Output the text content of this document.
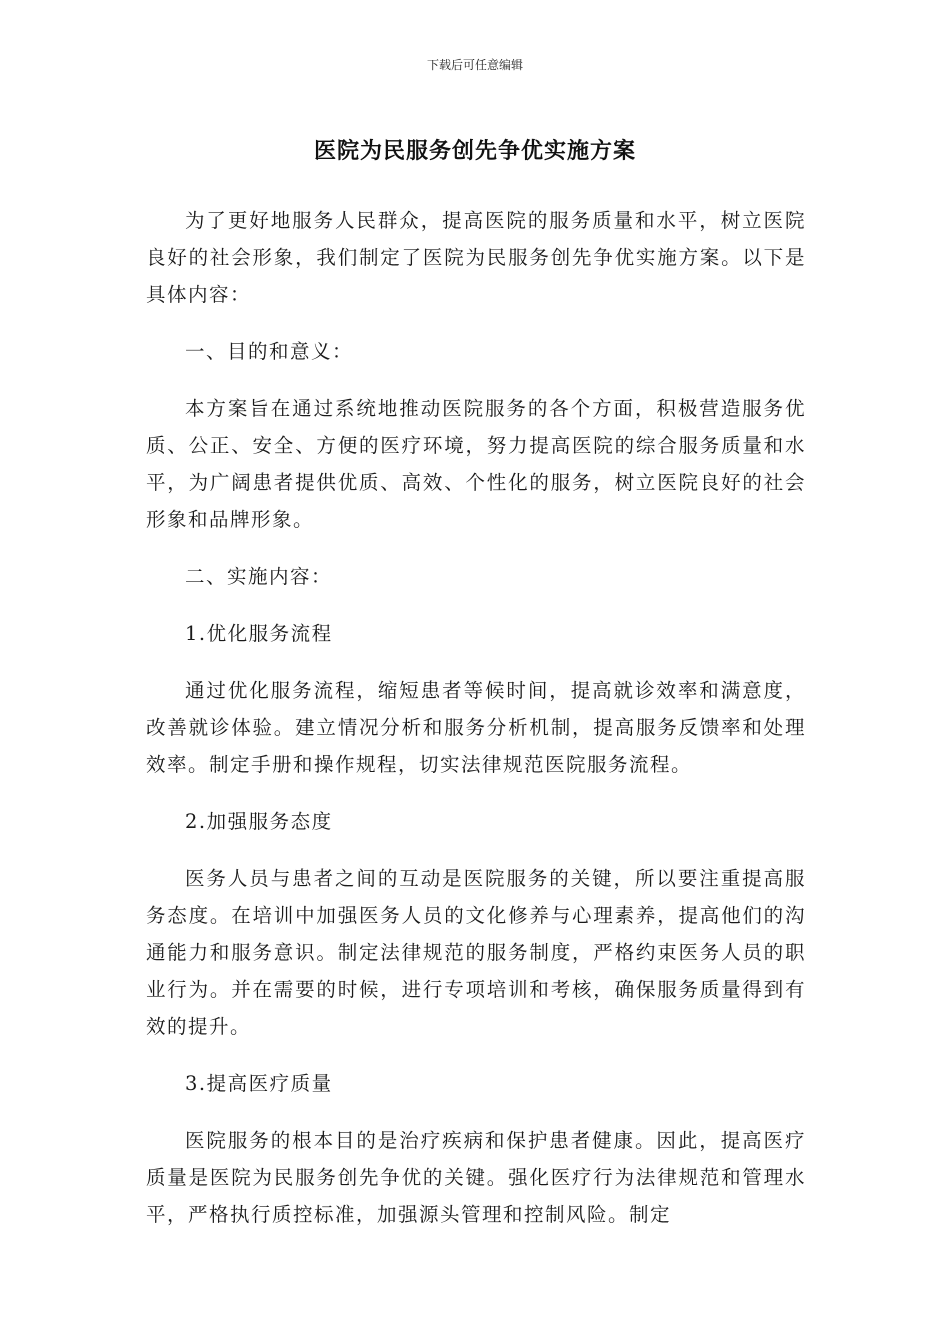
下载后可任意编辑
医院为民服务创先争优实施方案

为了更好地服务人民群众，提高医院的服务质量和水平，树立医院良好的社会形象，我们制定了医院为民服务创先争优实施方案。以下是具体内容：

一、目的和意义：

本方案旨在通过系统地推动医院服务的各个方面，积极营造服务优质、公正、安全、方便的医疗环境，努力提高医院的综合服务质量和水平，为广阔患者提供优质、高效、个性化的服务，树立医院良好的社会形象和品牌形象。

二、实施内容：

1.优化服务流程

通过优化服务流程，缩短患者等候时间，提高就诊效率和满意度，改善就诊体验。建立情况分析和服务分析机制，提高服务反馈率和处理效率。制定手册和操作规程，切实法律规范医院服务流程。

2.加强服务态度

医务人员与患者之间的互动是医院服务的关键，所以要注重提高服务态度。在培训中加强医务人员的文化修养与心理素养，提高他们的沟通能力和服务意识。制定法律规范的服务制度，严格约束医务人员的职业行为。并在需要的时候，进行专项培训和考核，确保服务质量得到有效的提升。

3.提高医疗质量

医院服务的根本目的是治疗疾病和保护患者健康。因此，提高医疗质量是医院为民服务创先争优的关键。强化医疗行为法律规范和管理水平，严格执行质控标准，加强源头管理和控制风险。制定
